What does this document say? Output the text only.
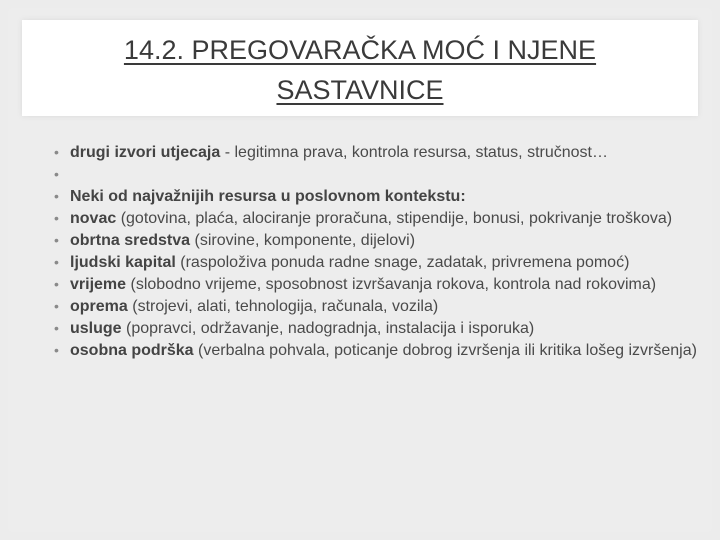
14.2. PREGOVARAČKA MOĆ I NJENE
SASTAVNICE
• drugi izvori utjecaja - legitimna prava, kontrola resursa, status, stručnost…
•
• Neki od najvažnijih resursa u poslovnom kontekstu:
• novac (gotovina, plaća, alociranje proračuna, stipendije, bonusi, pokrivanje troškova)
• obrtna sredstva (sirovine, komponente, dijelovi)
• ljudski kapital (raspoloživa ponuda radne snage, zadatak, privremena pomoć)
• vrijeme (slobodno vrijeme, sposobnost izvršavanja rokova, kontrola nad rokovima)
• oprema (strojevi, alati, tehnologija, računala, vozila)
• usluge (popravci, održavanje, nadogradnja, instalacija i isporuka)
• osobna podrška (verbalna pohvala, poticanje dobrog izvršenja ili kritika lošeg izvršenja)
